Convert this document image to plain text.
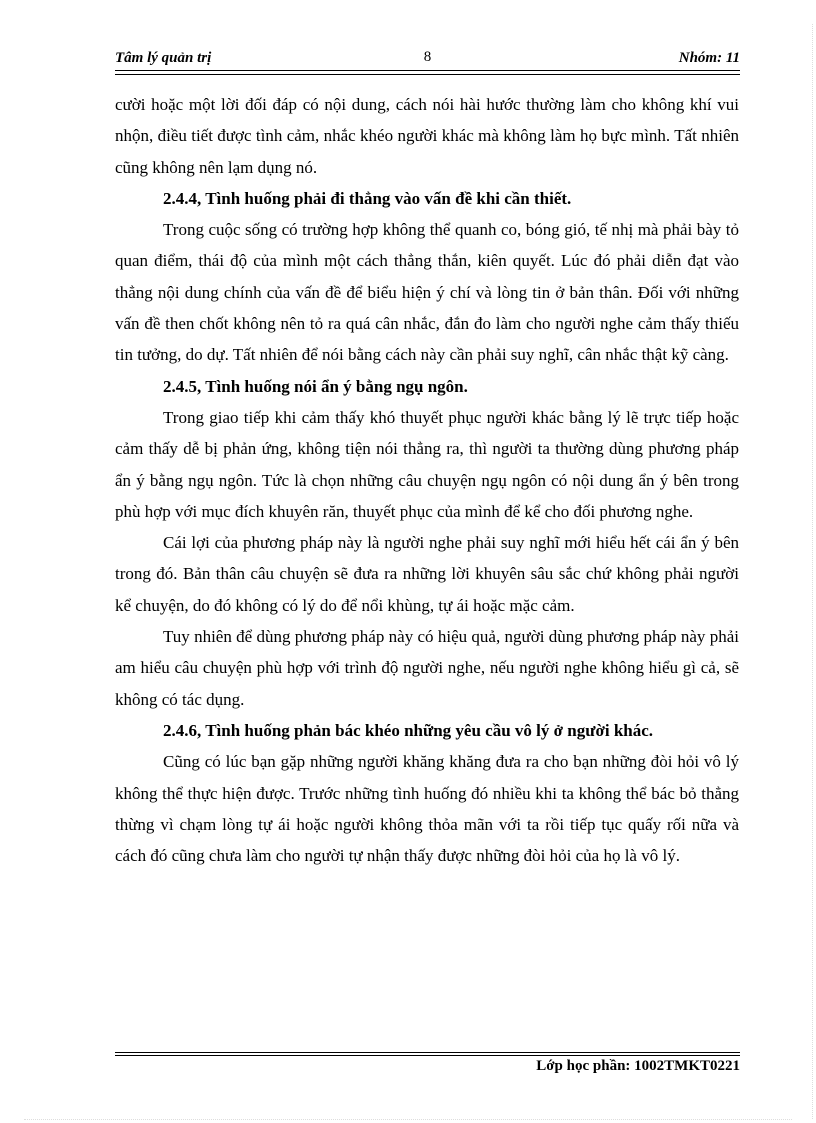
Tâm lý quản trị	8	Nhóm: 11

cười hoặc một lời đối đáp có nội dung, cách nói hài hước thường làm cho không khí vui nhộn, điều tiết được tình cảm, nhắc khéo người khác mà không làm họ bực mình. Tất nhiên cũng không nên lạm dụng nó.

2.4.4, Tình huống phải đi thẳng vào vấn đề khi cần thiết.

Trong cuộc sống có trường hợp không thể quanh co, bóng gió, tế nhị mà phải bày tỏ quan điểm, thái độ của mình một cách thẳng thắn, kiên quyết. Lúc đó phải diễn đạt vào thẳng nội dung chính của vấn đề để biểu hiện ý chí và lòng tin ở bản thân. Đối với những vấn đề then chốt không nên tỏ ra quá cân nhắc, đắn đo làm cho người nghe cảm thấy thiếu tin tưởng, do dự. Tất nhiên để nói bằng cách này cần phải suy nghĩ, cân nhắc thật kỹ càng.

2.4.5, Tình huống nói ẩn ý bằng ngụ ngôn.

Trong giao tiếp khi cảm thấy khó thuyết phục người khác bằng lý lẽ trực tiếp hoặc cảm thấy dễ bị phản ứng, không tiện nói thẳng ra, thì người ta thường dùng phương pháp ẩn ý bằng ngụ ngôn. Tức là chọn những câu chuyện ngụ ngôn có nội dung ẩn ý bên trong phù hợp với mục đích khuyên răn, thuyết phục của mình để kể cho đối phương nghe.

Cái lợi của phương pháp này là người nghe phải suy nghĩ mới hiểu hết cái ẩn ý bên trong đó. Bản thân câu chuyện sẽ đưa ra những lời khuyên sâu sắc chứ không phải người kể chuyện, do đó không có lý do để nổi khùng, tự ái hoặc mặc cảm.

Tuy nhiên để dùng phương pháp này có hiệu quả, người dùng phương pháp này phải am hiểu câu chuyện phù hợp với trình độ người nghe, nếu người nghe không hiểu gì cả, sẽ không có tác dụng.

2.4.6, Tình huống phản bác khéo những yêu cầu vô lý ở người khác.

Cũng có lúc bạn gặp những người khăng khăng đưa ra cho bạn những đòi hỏi vô lý không thể thực hiện được. Trước những tình huống đó nhiều khi ta không thể bác bỏ thẳng thừng vì chạm lòng tự ái hoặc người không thỏa mãn với ta rồi tiếp tục quấy rối nữa và cách đó cũng chưa làm cho người tự nhận thấy được những đòi hỏi của họ là vô lý.

Lớp học phần: 1002TMKT0221
